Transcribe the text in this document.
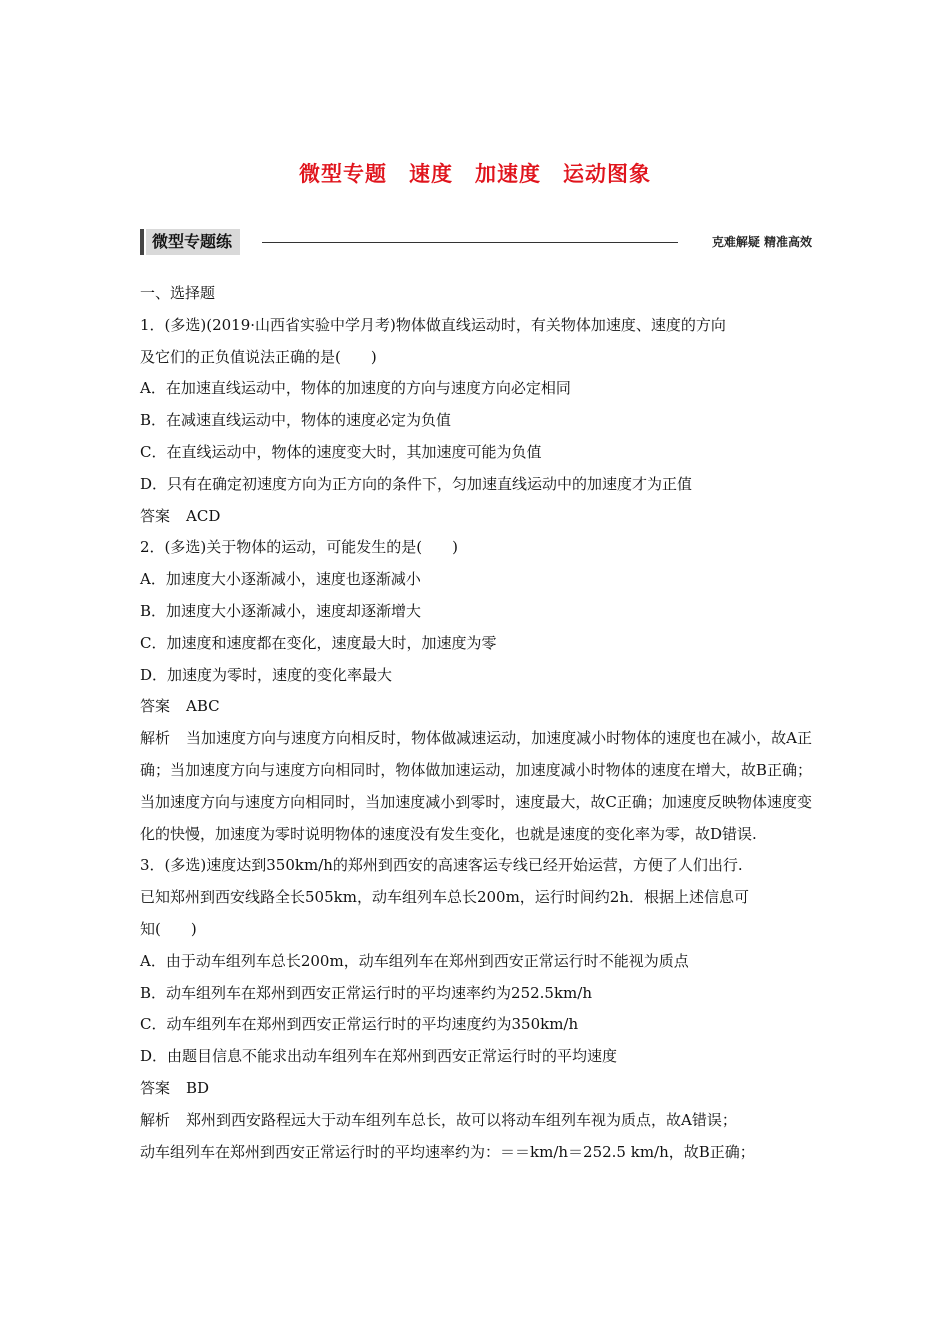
微型专题　速度　加速度　运动图象
微型专题练	克难解疑 精准高效

一、选择题

1．(多选)(2019·山西省实验中学月考)物体做直线运动时，有关物体加速度、速度的方向

及它们的正负值说法正确的是(　　)

A．在加速直线运动中，物体的加速度的方向与速度方向必定相同

B．在减速直线运动中，物体的速度必定为负值

C．在直线运动中，物体的速度变大时，其加速度可能为负值

D．只有在确定初速度方向为正方向的条件下，匀加速直线运动中的加速度才为正值

答案 ACD

2．(多选)关于物体的运动，可能发生的是(　　)

A．加速度大小逐渐减小，速度也逐渐减小

B．加速度大小逐渐减小，速度却逐渐增大

C．加速度和速度都在变化，速度最大时，加速度为零

D．加速度为零时，速度的变化率最大

答案 ABC

解析 当加速度方向与速度方向相反时，物体做减速运动，加速度减小时物体的速度也在减小，故A正确；当加速度方向与速度方向相同时，物体做加速运动，加速度减小时物体的速度在增大，故B正确；当加速度方向与速度方向相同时，当加速度减小到零时，速度最大，故C正确；加速度反映物体速度变化的快慢，加速度为零时说明物体的速度没有发生变化，也就是速度的变化率为零，故D错误.

3．(多选)速度达到350km/h的郑州到西安的高速客运专线已经开始运营，方便了人们出行.

已知郑州到西安线路全长505km，动车组列车总长200m，运行时间约2h．根据上述信息可

知(　　)

A．由于动车组列车总长200m，动车组列车在郑州到西安正常运行时不能视为质点

B．动车组列车在郑州到西安正常运行时的平均速率约为252.5km/h

C．动车组列车在郑州到西安正常运行时的平均速度约为350km/h

D．由题目信息不能求出动车组列车在郑州到西安正常运行时的平均速度

答案 BD

解析 郑州到西安路程远大于动车组列车总长，故可以将动车组列车视为质点，故A错误；

动车组列车在郑州到西安正常运行时的平均速率约为：＝＝km/h＝252.5 km/h，故B正确；
